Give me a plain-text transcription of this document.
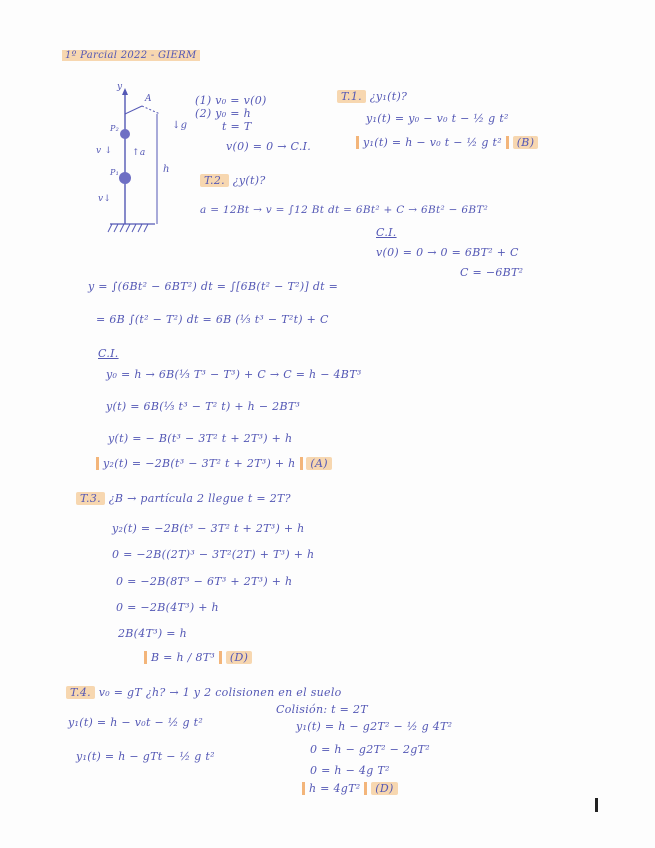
1º Parcial 2022 - GIERM
y
A
P₂
v ↓ ↑a
P₁
v↓
h
↓g
(1) v₀ = v(0)
(2) y₀ = h
t = T
v(0) = 0 → C.I.
T.1. ¿y₁(t)?
y₁(t) = y₀ − v₀ t − ½ g t²
y₁(t) = h − v₀ t − ½ g t² (B)
T.2. ¿y(t)?
a = 12Bt → v = ∫12 Bt dt = 6Bt² + C → 6Bt² − 6BT²
C.I.
v(0) = 0 → 0 = 6BT² + C
C = −6BT²
y = ∫(6Bt² − 6BT²) dt = ∫[6B(t² − T²)] dt =
= 6B ∫(t² − T²) dt = 6B (⅓ t³ − T²t) + C
C.I.
y₀ = h → 6B(⅓ T³ − T³) + C → C = h − 4BT³
y(t) = 6B(⅓ t³ − T² t) + h − 2BT³
y(t) = − B(t³ − 3T² t + 2T³) + h
y₂(t) = −2B(t³ − 3T² t + 2T³) + h (A)
T.3. ¿B → partícula 2 llegue t = 2T?
y₂(t) = −2B(t³ − 3T² t + 2T³) + h
0 = −2B((2T)³ − 3T²(2T) + T³) + h
0 = −2B(8T³ − 6T³ + 2T³) + h
0 = −2B(4T³) + h
2B(4T³) = h
B = h / 8T³ (D)
T.4. v₀ = gT ¿h? → 1 y 2 colisionen en el suelo
y₁(t) = h − v₀t − ½ g t²
y₁(t) = h − gTt − ½ g t²
Colisión: t = 2T
y₁(t) = h − g2T² − ½ g 4T²
0 = h − g2T² − 2gT²
0 = h − 4g T²
h = 4gT² (D)
